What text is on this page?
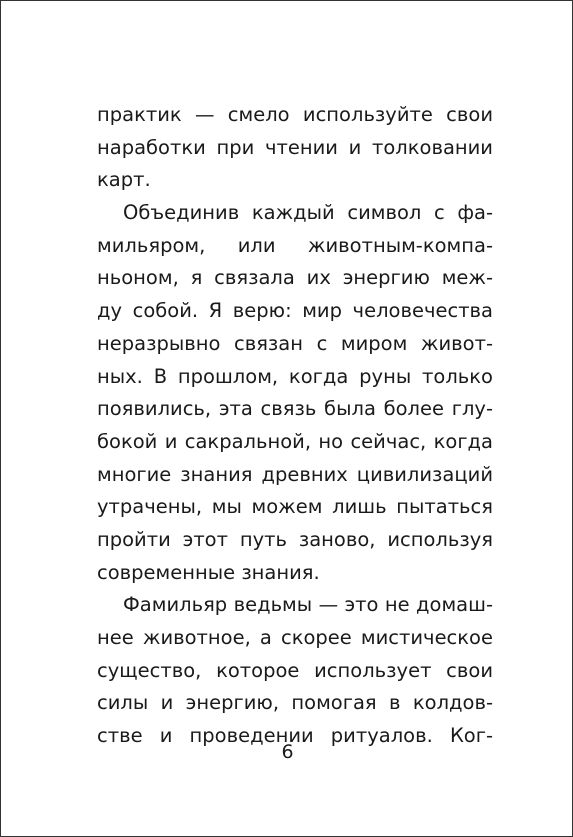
практик — смело используйте свои
наработки при чтении и толковании
карт.
Объединив каждый символ с фа-
мильяром, или животным-компа-
ньоном, я связала их энергию меж-
ду собой. Я верю: мир человечества
неразрывно связан с миром живот-
ных. В прошлом, когда руны только
появились, эта связь была более глу-
бокой и сакральной, но сейчас, когда
многие знания древних цивилизаций
утрачены, мы можем лишь пытаться
пройти этот путь заново, используя
современные знания.
Фамильяр ведьмы — это не домаш-
нее животное, а скорее мистическое
существо, которое использует свои
силы и энергию, помогая в колдов-
стве и проведении ритуалов. Ког-
6
